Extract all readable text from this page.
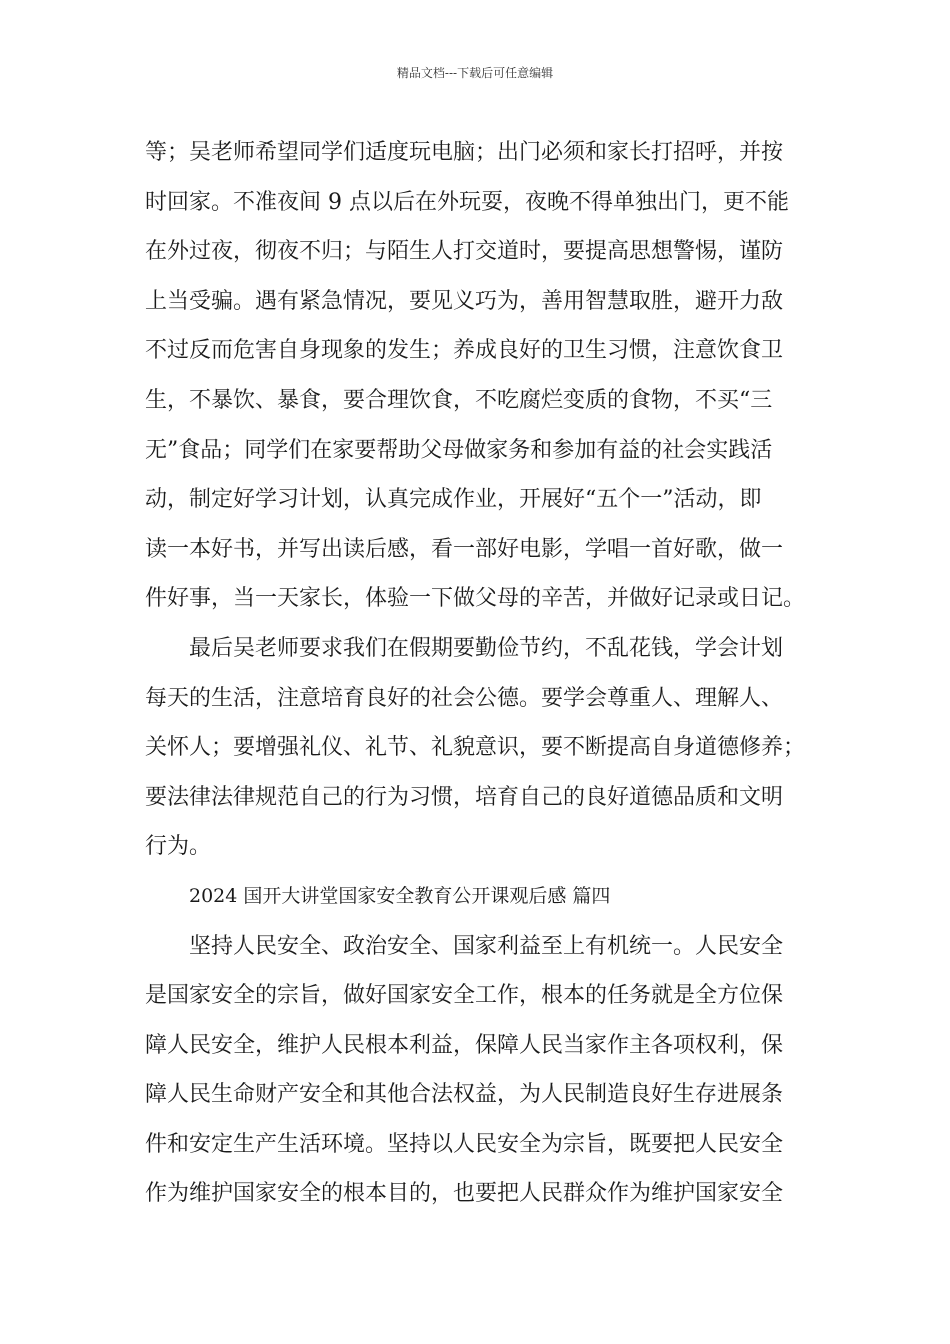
精品文档---下载后可任意编辑
等；吴老师希望同学们适度玩电脑；出门必须和家长打招呼，并按
时回家。不准夜间 9 点以后在外玩耍，夜晚不得单独出门，更不能
在外过夜，彻夜不归；与陌生人打交道时，要提高思想警惕，谨防
上当受骗。遇有紧急情况，要见义巧为，善用智慧取胜，避开力敌
不过反而危害自身现象的发生；养成良好的卫生习惯，注意饮食卫
生，不暴饮、暴食，要合理饮食，不吃腐烂变质的食物，不买“三
无”食品；同学们在家要帮助父母做家务和参加有益的社会实践活
动，制定好学习计划，认真完成作业，开展好“五个一”活动，即
读一本好书，并写出读后感，看一部好电影，学唱一首好歌，做一
件好事，当一天家长，体验一下做父母的辛苦，并做好记录或日记。
最后吴老师要求我们在假期要勤俭节约，不乱花钱，学会计划
每天的生活，注意培育良好的社会公德。要学会尊重人、理解人、
关怀人；要增强礼仪、礼节、礼貌意识，要不断提高自身道德修养；
要法律法律规范自己的行为习惯，培育自己的良好道德品质和文明
行为。
2024 国开大讲堂国家安全教育公开课观后感 篇四
坚持人民安全、政治安全、国家利益至上有机统一。人民安全
是国家安全的宗旨，做好国家安全工作，根本的任务就是全方位保
障人民安全，维护人民根本利益，保障人民当家作主各项权利，保
障人民生命财产安全和其他合法权益，为人民制造良好生存进展条
件和安定生产生活环境。坚持以人民安全为宗旨，既要把人民安全
作为维护国家安全的根本目的，也要把人民群众作为维护国家安全
